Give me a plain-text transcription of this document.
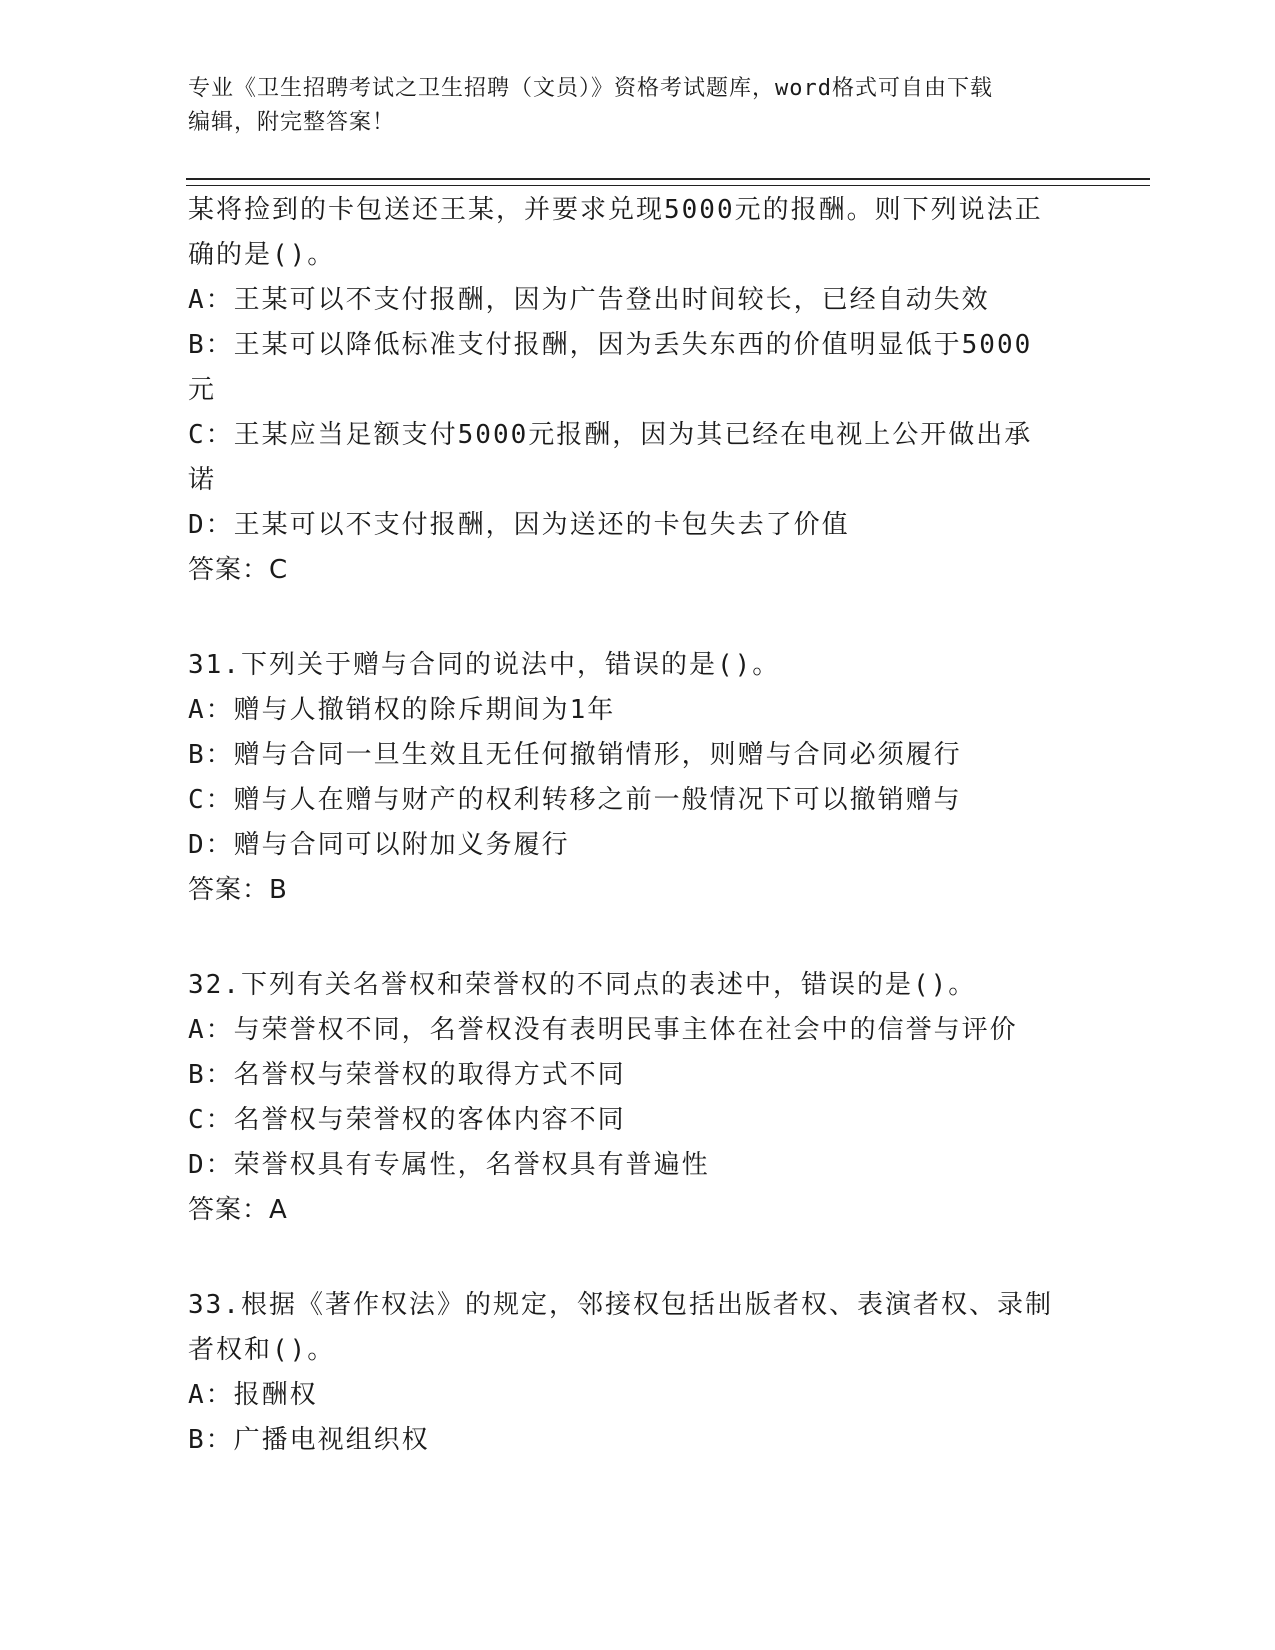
专业《卫生招聘考试之卫生招聘（文员）》资格考试题库，word格式可自由下载
编辑，附完整答案！
某将捡到的卡包送还王某，并要求兑现5000元的报酬。则下列说法正
确的是()。
A：王某可以不支付报酬，因为广告登出时间较长，已经自动失效
B：王某可以降低标准支付报酬，因为丢失东西的价值明显低于5000
元
C：王某应当足额支付5000元报酬，因为其已经在电视上公开做出承
诺
D：王某可以不支付报酬，因为送还的卡包失去了价值
答案：C
31.下列关于赠与合同的说法中，错误的是()。
A：赠与人撤销权的除斥期间为1年
B：赠与合同一旦生效且无任何撤销情形，则赠与合同必须履行
C：赠与人在赠与财产的权利转移之前一般情况下可以撤销赠与
D：赠与合同可以附加义务履行
答案：B
32.下列有关名誉权和荣誉权的不同点的表述中，错误的是()。
A：与荣誉权不同，名誉权没有表明民事主体在社会中的信誉与评价
B：名誉权与荣誉权的取得方式不同
C：名誉权与荣誉权的客体内容不同
D：荣誉权具有专属性，名誉权具有普遍性
答案：A
33.根据《著作权法》的规定，邻接权包括出版者权、表演者权、录制
者权和()。
A：报酬权
B：广播电视组织权
